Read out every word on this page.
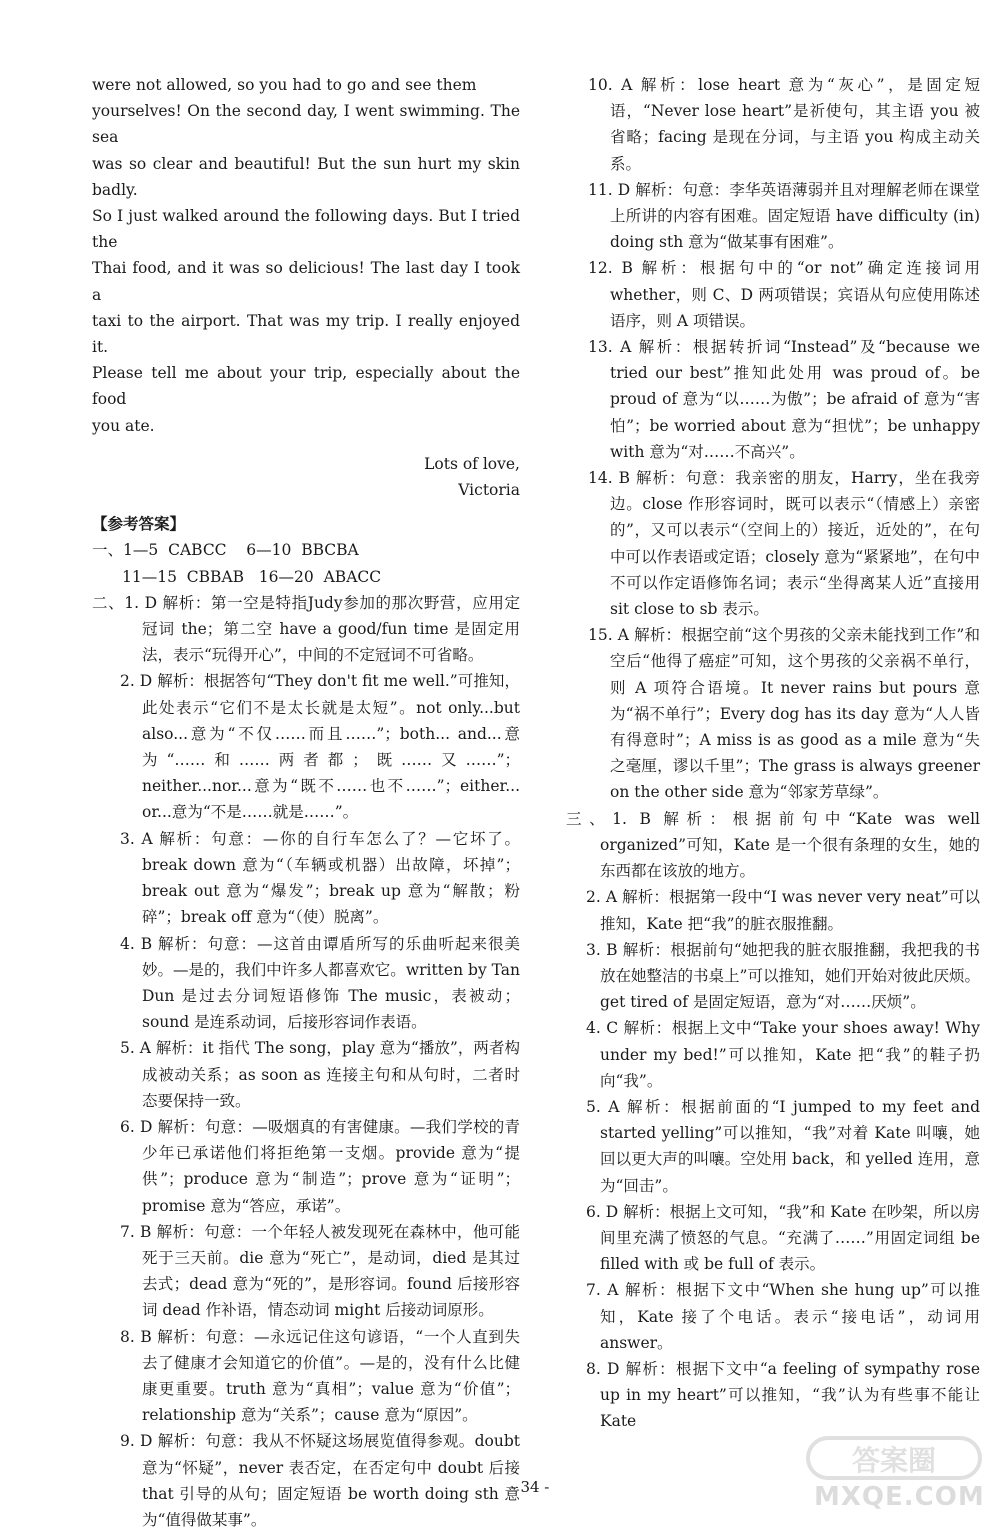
were not allowed, so you had to go and see them

yourselves! On the second day, I went swimming. The sea

was so clear and beautiful! But the sun hurt my skin badly.

So I just walked around the following days. But I tried the

Thai food, and it was so delicious! The last day I took a

taxi to the airport. That was my trip. I really enjoyed it.

Please tell me about your trip, especially about the food

you ate.

Lots of love,

Victoria

【参考答案】

一、1—5  CABCC    6—10  BBCBA

11—15  CBBAB   16—20  ABACC

二、1. D 解析：第一空是特指Judy参加的那次野营，应用定冠词 the；第二空 have a good/fun time 是固定用法，表示“玩得开心”，中间的不定冠词不可省略。

2. D 解析：根据答句“They don't fit me well.”可推知，此处表示“它们不是太长就是太短”。not only...but also...意为“不仅……而且……”；both... and...意为“……和……两者都；既……又……”；neither...nor...意为“既不……也不……”；either... or...意为“不是……就是……”。

3. A 解析：句意：—你的自行车怎么了？—它坏了。break down 意为“（车辆或机器）出故障，坏掉”；break out 意为“爆发”；break up 意为“解散；粉碎”；break off 意为“（使）脱离”。

4. B 解析：句意：—这首由谭盾所写的乐曲听起来很美妙。—是的，我们中许多人都喜欢它。written by Tan Dun 是过去分词短语修饰 The music，表被动；sound 是连系动词，后接形容词作表语。

5. A 解析：it 指代 The song，play 意为“播放”，两者构成被动关系；as soon as 连接主句和从句时，二者时态要保持一致。

6. D 解析：句意：—吸烟真的有害健康。—我们学校的青少年已承诺他们将拒绝第一支烟。provide 意为“提供”；produce 意为“制造”；prove 意为“证明”；promise 意为“答应，承诺”。

7. B 解析：句意：一个年轻人被发现死在森林中，他可能死于三天前。die 意为“死亡”，是动词，died 是其过去式；dead 意为“死的”，是形容词。found 后接形容词 dead 作补语，情态动词 might 后接动词原形。

8. B 解析：句意：—永远记住这句谚语，“一个人直到失去了健康才会知道它的价值”。—是的，没有什么比健康更重要。truth 意为“真相”；value 意为“价值”；relationship 意为“关系”；cause 意为“原因”。

9. D 解析：句意：我从不怀疑这场展览值得参观。doubt 意为“怀疑”，never 表否定，在否定句中 doubt 后接 that 引导的从句；固定短语 be worth doing sth 意为“值得做某事”。

10. A 解析：lose heart 意为“灰心”，是固定短语，“Never lose heart”是祈使句，其主语 you 被省略；facing 是现在分词，与主语 you 构成主动关系。

11. D 解析：句意：李华英语薄弱并且对理解老师在课堂上所讲的内容有困难。固定短语 have difficulty (in) doing sth 意为“做某事有困难”。

12. B 解析：根据句中的“or not”确定连接词用 whether，则 C、D 两项错误；宾语从句应使用陈述语序，则 A 项错误。

13. A 解析：根据转折词“Instead”及“because we tried our best”推知此处用 was proud of。be proud of 意为“以……为傲”；be afraid of 意为“害怕”；be worried about 意为“担忧”；be unhappy with 意为“对……不高兴”。

14. B 解析：句意：我亲密的朋友，Harry，坐在我旁边。close 作形容词时，既可以表示“（情感上）亲密的”，又可以表示“（空间上的）接近，近处的”，在句中可以作表语或定语；closely 意为“紧紧地”，在句中不可以作定语修饰名词；表示“坐得离某人近”直接用 sit close to sb 表示。

15. A 解析：根据空前“这个男孩的父亲未能找到工作”和空后“他得了癌症”可知，这个男孩的父亲祸不单行，则 A 项符合语境。It never rains but pours 意为“祸不单行”；Every dog has its day 意为“人人皆有得意时”；A miss is as good as a mile 意为“失之毫厘，谬以千里”；The grass is always greener on the other side 意为“邻家芳草绿”。

三、1. B 解析：根据前句中“Kate was well organized”可知，Kate 是一个很有条理的女生，她的东西都在该放的地方。

2. A 解析：根据第一段中“I was never very neat”可以推知，Kate 把“我”的脏衣服推翻。

3. B 解析：根据前句“她把我的脏衣服推翻，我把我的书放在她整洁的书桌上”可以推知，她们开始对彼此厌烦。get tired of 是固定短语，意为“对……厌烦”。

4. C 解析：根据上文中“Take your shoes away! Why under my bed!”可以推知，Kate 把“我”的鞋子扔向“我”。

5. A 解析：根据前面的“I jumped to my feet and started yelling”可以推知，“我”对着 Kate 叫嚷，她回以更大声的叫嚷。空处用 back，和 yelled 连用，意为“回击”。

6. D 解析：根据上文可知，“我”和 Kate 在吵架，所以房间里充满了愤怒的气息。“充满了……”用固定词组 be filled with 或 be full of 表示。

7. A 解析：根据下文中“When she hung up”可以推知，Kate 接了个电话。表示“接电话”，动词用 answer。

8. D 解析：根据下文中“a feeling of sympathy rose up in my heart”可以推知，“我”认为有些事不能让 Kate

- 34 -
答案圈
MXQE.COM
